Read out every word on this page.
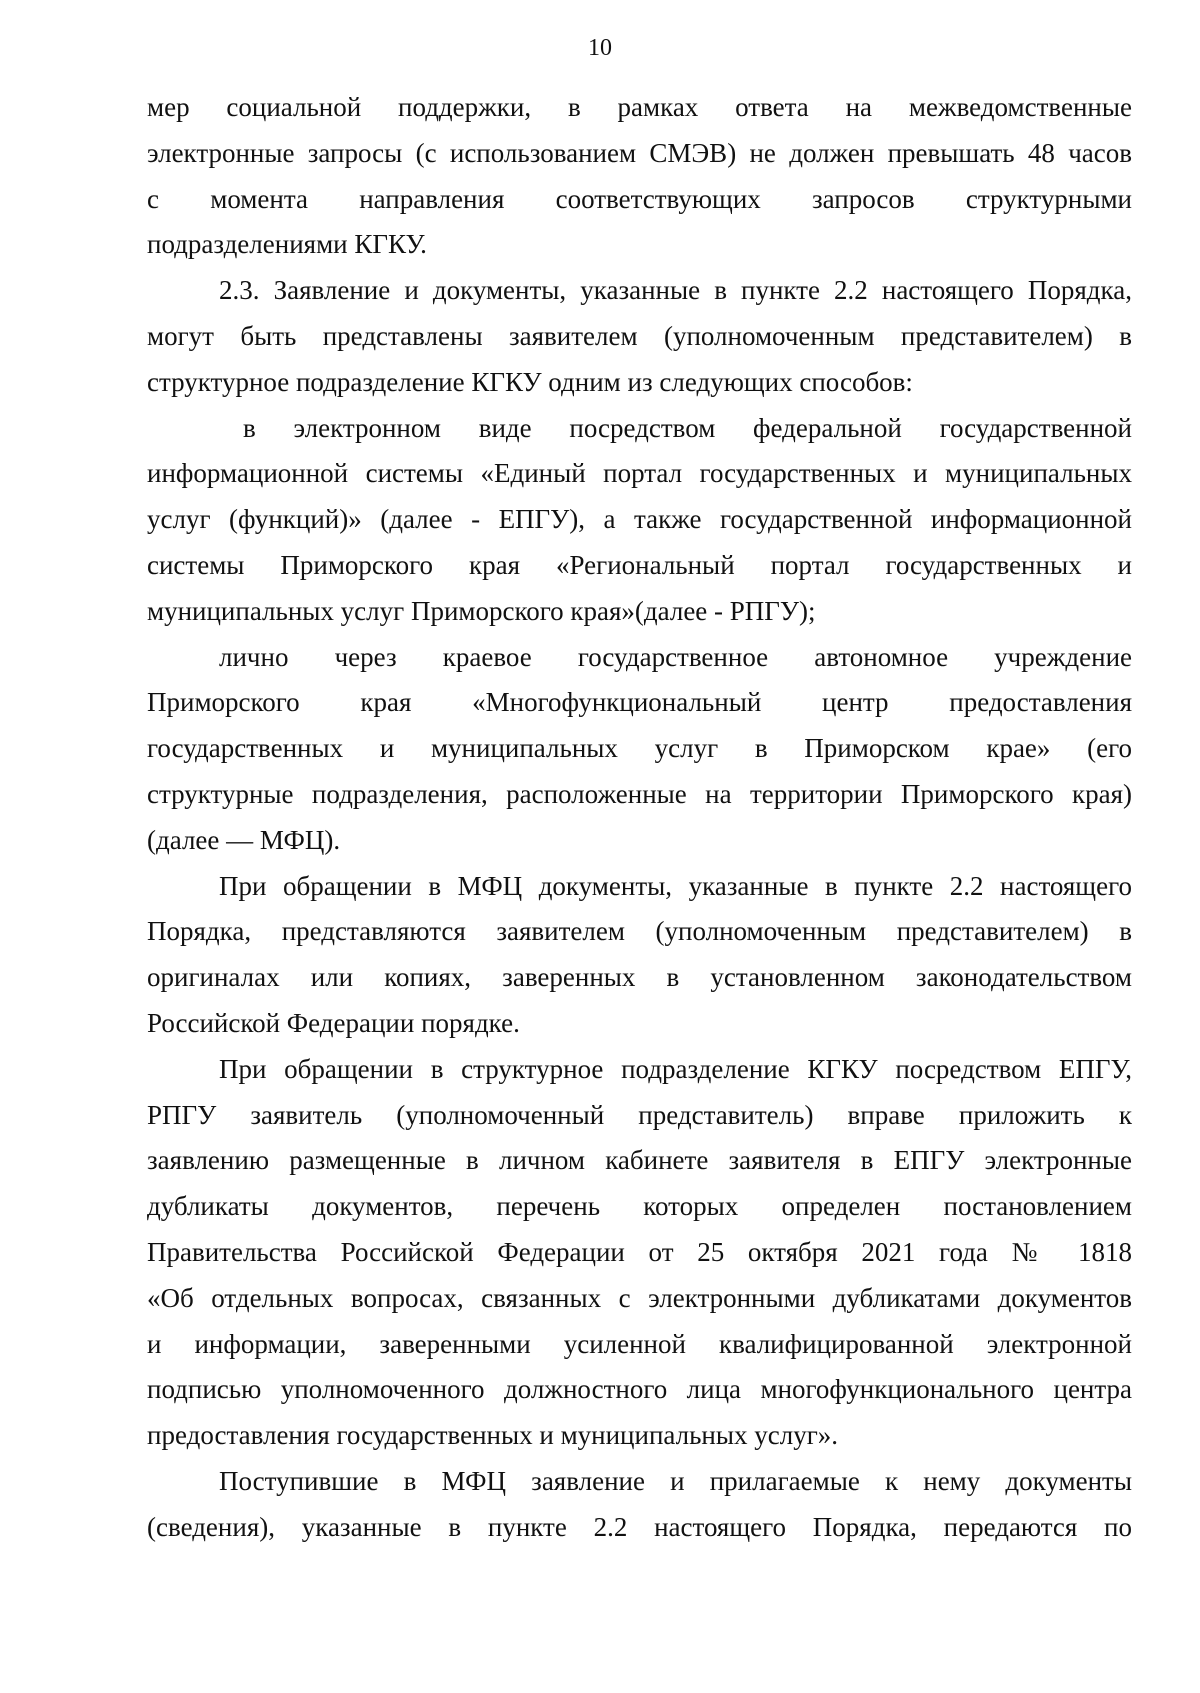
10

мер социальной поддержки, в рамках ответа на межведомственные
электронные запросы (с использованием СМЭВ) не должен превышать 48 часов
с момента направления соответствующих запросов структурными
подразделениями КГКУ.

2.3. Заявление и документы, указанные в пункте 2.2 настоящего Порядка,
могут быть представлены заявителем (уполномоченным представителем) в
структурное подразделение КГКУ одним из следующих способов:

в электронном виде посредством федеральной государственной
информационной системы «Единый портал государственных и муниципальных
услуг (функций)» (далее - ЕПГУ), а также государственной информационной
системы Приморского края «Региональный портал государственных и
муниципальных услуг Приморского края»(далее - РПГУ);

лично через краевое государственное автономное учреждение
Приморского края «Многофункциональный центр предоставления
государственных и муниципальных услуг в Приморском крае» (его
структурные подразделения, расположенные на территории Приморского края)
(далее — МФЦ).

При обращении в МФЦ документы, указанные в пункте 2.2 настоящего
Порядка, представляются заявителем (уполномоченным представителем) в
оригиналах или копиях, заверенных в установленном законодательством
Российской Федерации порядке.

При обращении в структурное подразделение КГКУ посредством ЕПГУ,
РПГУ заявитель (уполномоченный представитель) вправе приложить к
заявлению размещенные в личном кабинете заявителя в ЕПГУ электронные
дубликаты документов, перечень которых определен постановлением
Правительства Российской Федерации от 25 октября 2021 года № 1818
«Об отдельных вопросах, связанных с электронными дубликатами документов
и информации, заверенными усиленной квалифицированной электронной
подписью уполномоченного должностного лица многофункционального центра
предоставления государственных и муниципальных услуг».

Поступившие в МФЦ заявление и прилагаемые к нему документы
(сведения), указанные в пункте 2.2 настоящего Порядка, передаются по
